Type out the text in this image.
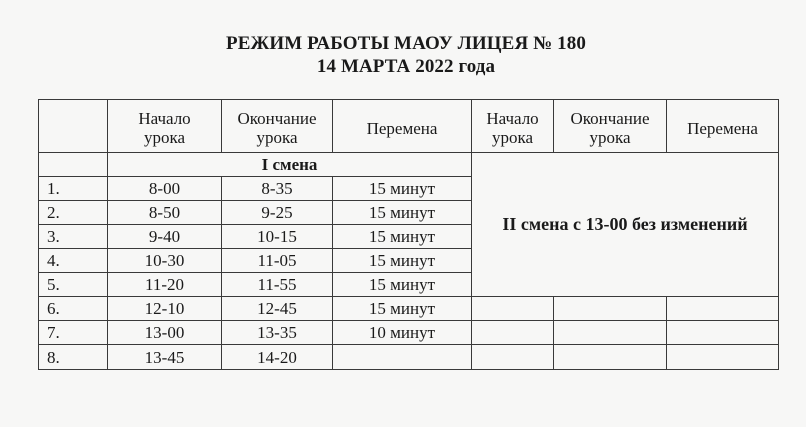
РЕЖИМ РАБОТЫ МАОУ ЛИЦЕЯ № 180
14 МАРТА 2022 года

	Начало
урока	Окончание
урока	Перемена	Начало
урока	Окончание
урока	Перемена

	I смена			II смена с 13-00 без изменений		
1.	8-00	8-35	15 минут			
2.	8-50	9-25	15 минут			
3.	9-40	10-15	15 минут			
4.	10-30	11-05	15 минут			
5.	11-20	11-55	15 минут			
6.	12-10	12-45	15 минут			
7.	13-00	13-35	10 минут			
8.	13-45	14-20				
